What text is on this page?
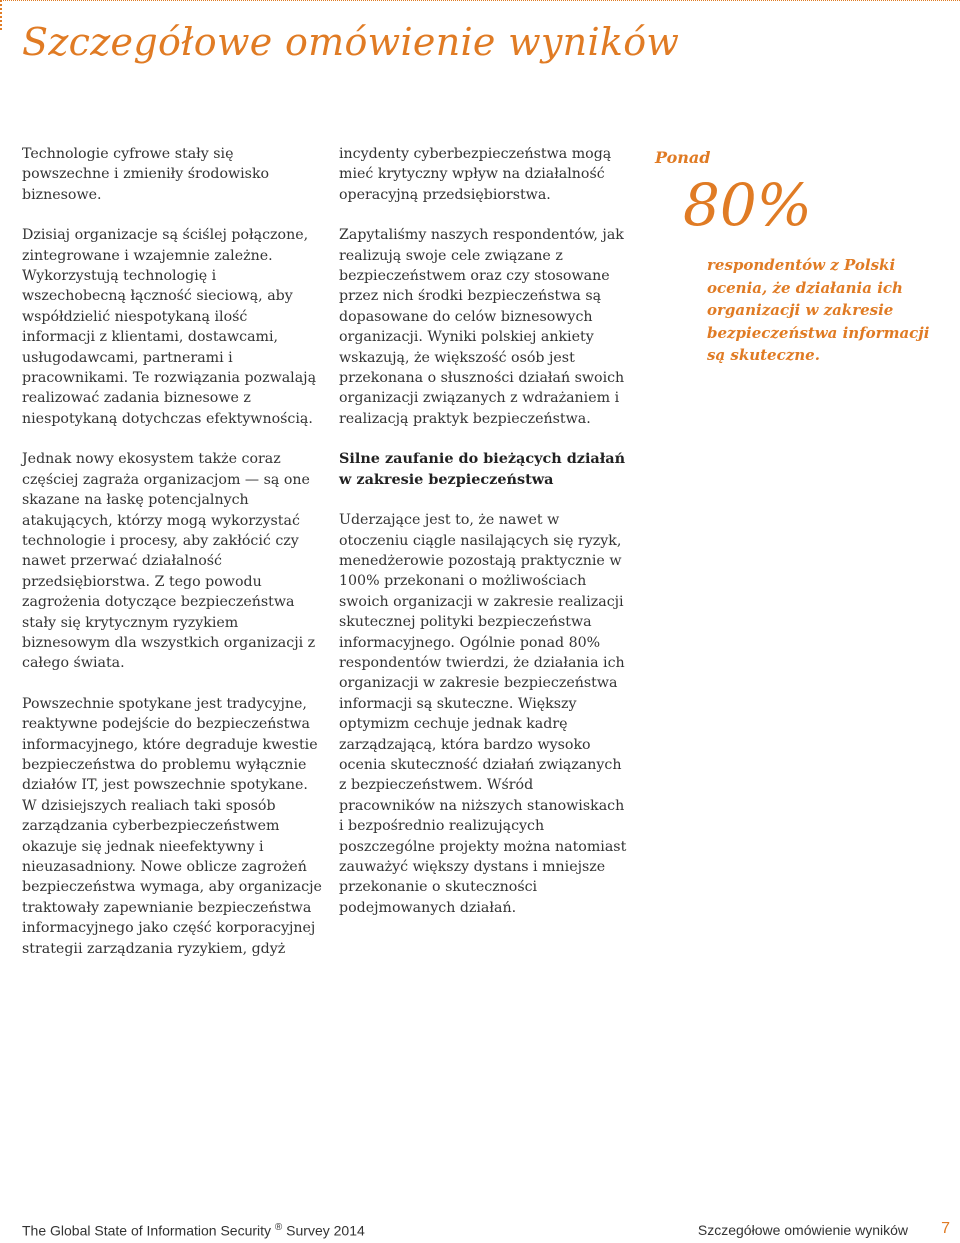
Szczegółowe omówienie wyników

Technologie cyfrowe stały się powszechne i zmieniły środowisko biznesowe.

Dzisiaj organizacje są ściślej połączone, zintegrowane i wzajemnie zależne. Wykorzystują technologię i wszechobecną łączność sieciową, aby współdzielić niespotykaną ilość informacji z klientami, dostawcami, usługodawcami, partnerami i pracownikami. Te rozwiązania pozwalają realizować zadania biznesowe z niespotykaną dotychczas efektywnością.

Jednak nowy ekosystem także coraz częściej zagraża organizacjom — są one skazane na łaskę potencjalnych atakujących, którzy mogą wykorzystać technologie i procesy, aby zakłócić czy nawet przerwać działalność przedsiębiorstwa. Z tego powodu zagrożenia dotyczące bezpieczeństwa stały się krytycznym ryzykiem biznesowym dla wszystkich organizacji z całego świata.

Powszechnie spotykane jest tradycyjne, reaktywne podejście do bezpieczeństwa informacyjnego, które degraduje kwestie bezpieczeństwa do problemu wyłącznie działów IT, jest powszechnie spotykane. W dzisiejszych realiach taki sposób zarządzania cyberbezpieczeństwem okazuje się jednak nieefektywny i nieuzasadniony. Nowe oblicze zagrożeń bezpieczeństwa wymaga, aby organizacje traktowały zapewnianie bezpieczeństwa informacyjnego jako część korporacyjnej strategii zarządzania ryzykiem, gdyż

incydenty cyberbezpieczeństwa mogą mieć krytyczny wpływ na działalność operacyjną przedsiębiorstwa.

Zapytaliśmy naszych respondentów, jak realizują swoje cele związane z bezpieczeństwem oraz czy stosowane przez nich środki bezpieczeństwa są dopasowane do celów biznesowych organizacji. Wyniki polskiej ankiety wskazują, że większość osób jest przekonana o słuszności działań swoich organizacji związanych z wdrażaniem i realizacją praktyk bezpieczeństwa.

Silne zaufanie do bieżących działań w zakresie bezpieczeństwa

Uderzające jest to, że nawet w otoczeniu ciągle nasilających się ryzyk, menedżerowie pozostają praktycznie w 100% przekonani o możliwościach swoich organizacji w zakresie realizacji skutecznej polityki bezpieczeństwa informacyjnego. Ogólnie ponad 80% respondentów twierdzi, że działania ich organizacji w zakresie bezpieczeństwa informacji są skuteczne. Większy optymizm cechuje jednak kadrę zarządzającą, która bardzo wysoko ocenia skuteczność działań związanych z bezpieczeństwem. Wśród pracowników na niższych stanowiskach i bezpośrednio realizujących poszczególne projekty można natomiast zauważyć większy dystans i mniejsze przekonanie o skuteczności podejmowanych działań.

Ponad
80%
respondentów z Polski ocenia, że działania ich organizacji w zakresie bezpieczeństwa informacji są skuteczne.
The Global State of Information Security ® Survey 2014	Szczegółowe omówienie wyników 7
